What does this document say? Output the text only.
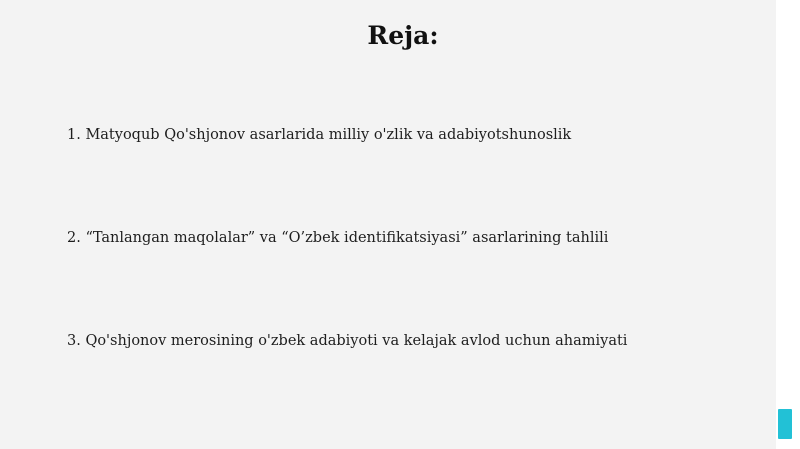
Reja:
1. Matyoqub Qo'shjonov asarlarida milliy o'zlik va adabiyotshunoslik
2. “Tanlangan maqolalar” va “O’zbek identifikatsiyasi” asarlarining tahlili
3. Qo'shjonov merosining o'zbek adabiyoti va kelajak avlod uchun ahamiyati
